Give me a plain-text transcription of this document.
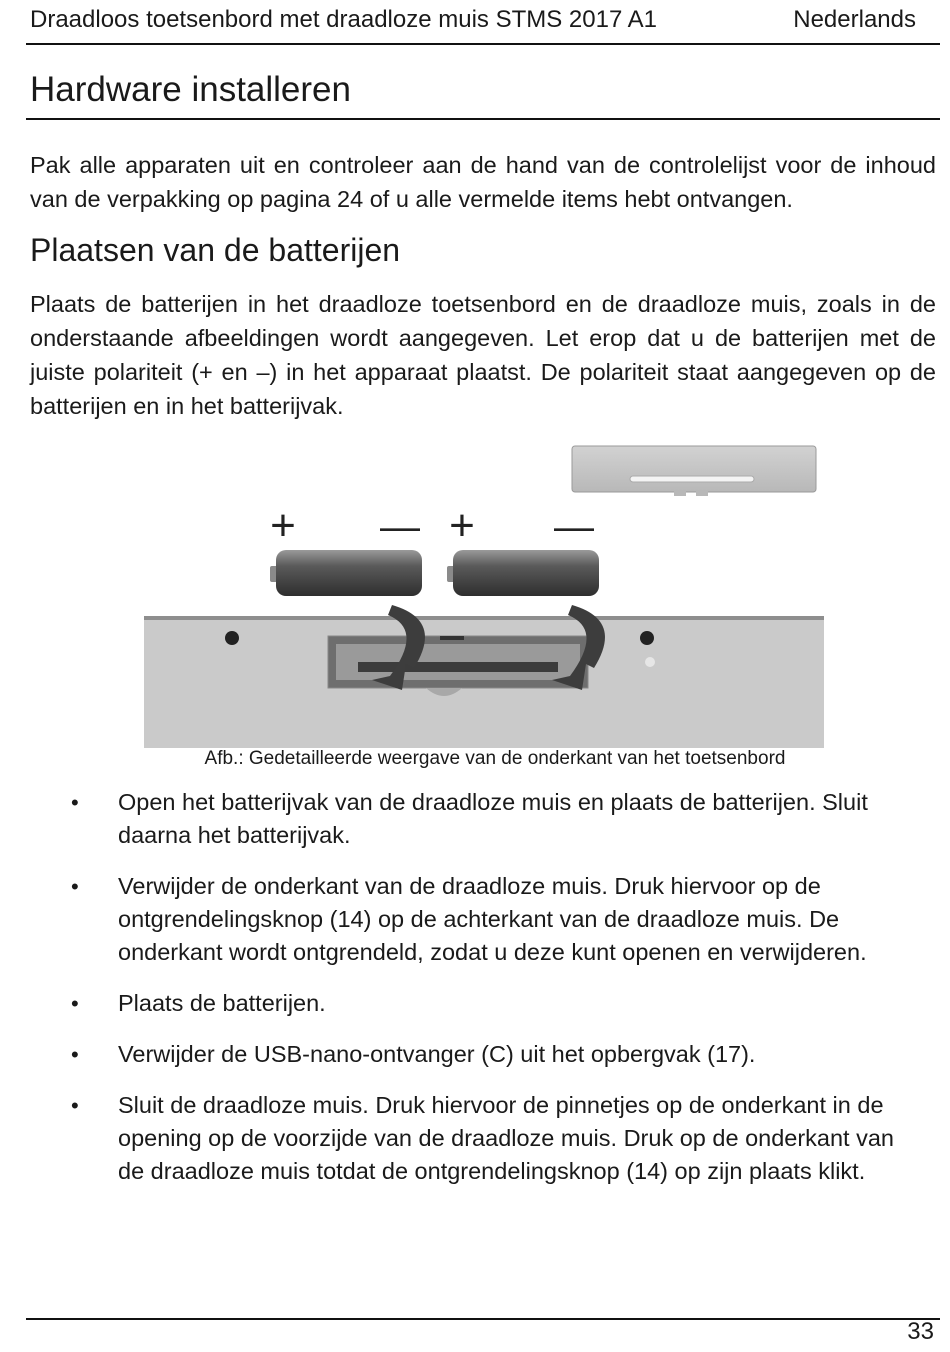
Draadloos toetsenbord met draadloze muis STMS 2017 A1	Nederlands
Hardware installeren

Pak alle apparaten uit en controleer aan de hand van de controlelijst voor de inhoud van de verpakking op pagina 24 of u alle vermelde items hebt ontvangen.

Plaatsen van de batterijen

Plaats de batterijen in het draadloze toetsenbord en de draadloze muis, zoals in de onderstaande afbeeldingen wordt aangegeven. Let erop dat u de batterijen met de juiste polariteit (+ en –) in het apparaat plaatst. De polariteit staat aangegeven op de batterijen en in het batterijvak.

+ — + —
Afb.: Gedetailleerde weergave van de onderkant van het toetsenbord
• Open het batterijvak van de draadloze muis en plaats de batterijen. Sluit daarna het batterijvak.
• Verwijder de onderkant van de draadloze muis. Druk hiervoor op de ontgrendelingsknop (14) op de achterkant van de draadloze muis. De onderkant wordt ontgrendeld, zodat u deze kunt openen en verwijderen.
• Plaats de batterijen.
• Verwijder de USB-nano-ontvanger (C) uit het opbergvak (17).
• Sluit de draadloze muis. Druk hiervoor de pinnetjes op de onderkant in de opening op de voorzijde van de draadloze muis. Druk op de onderkant van de draadloze muis totdat de ontgrendelingsknop (14) op zijn plaats klikt.
33
